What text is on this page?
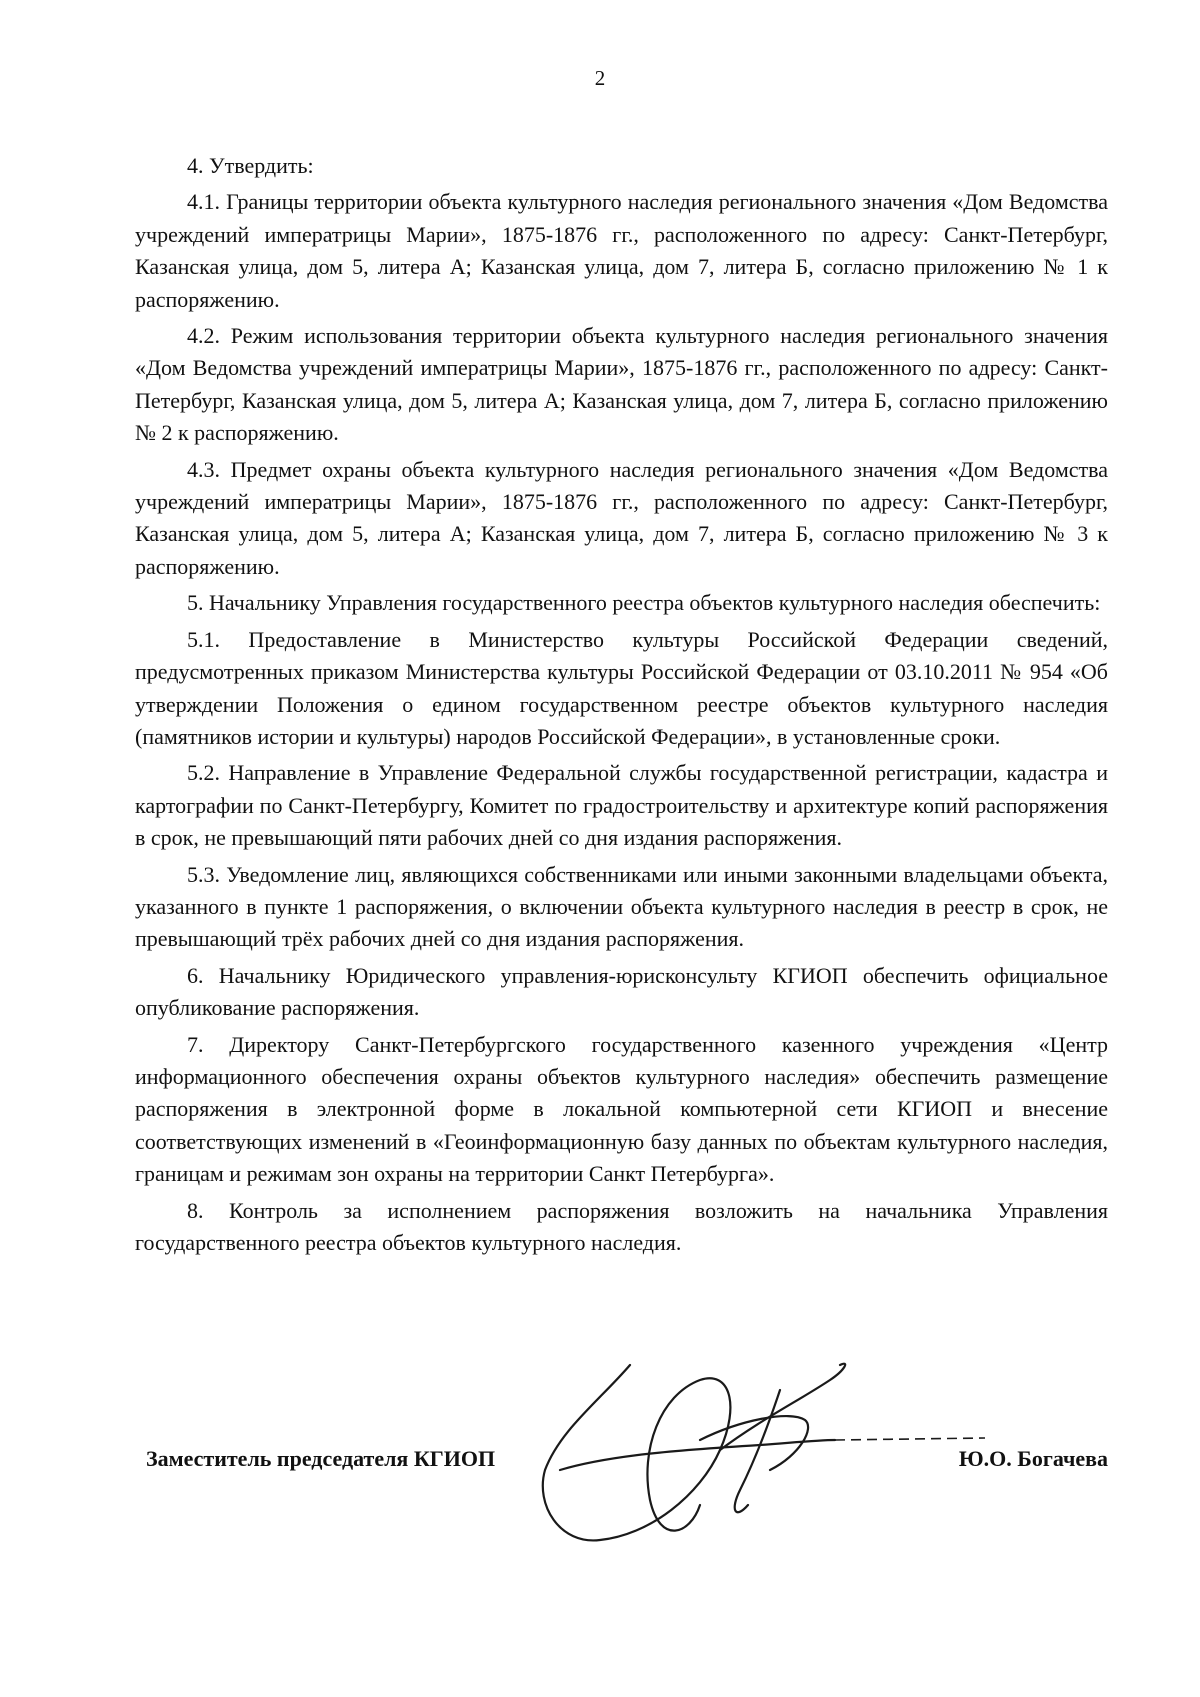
2

4. Утвердить:

4.1. Границы территории объекта культурного наследия регионального значения «Дом Ведомства учреждений императрицы Марии», 1875-1876 гг., расположенного по адресу: Санкт-Петербург, Казанская улица, дом 5, литера А; Казанская улица, дом 7, литера Б, согласно приложению № 1 к распоряжению.

4.2. Режим использования территории объекта культурного наследия регионального значения «Дом Ведомства учреждений императрицы Марии», 1875-1876 гг., расположенного по адресу: Санкт-Петербург, Казанская улица, дом 5, литера А; Казанская улица, дом 7, литера Б, согласно приложению № 2 к распоряжению.

4.3. Предмет охраны объекта культурного наследия регионального значения «Дом Ведомства учреждений императрицы Марии», 1875-1876 гг., расположенного по адресу: Санкт-Петербург, Казанская улица, дом 5, литера А; Казанская улица, дом 7, литера Б, согласно приложению № 3 к распоряжению.

5. Начальнику Управления государственного реестра объектов культурного наследия обеспечить:

5.1. Предоставление в Министерство культуры Российской Федерации сведений, предусмотренных приказом Министерства культуры Российской Федерации от 03.10.2011 № 954 «Об утверждении Положения о едином государственном реестре объектов культурного наследия (памятников истории и культуры) народов Российской Федерации», в установленные сроки.

5.2. Направление в Управление Федеральной службы государственной регистрации, кадастра и картографии по Санкт-Петербургу, Комитет по градостроительству и архитектуре копий распоряжения в срок, не превышающий пяти рабочих дней со дня издания распоряжения.

5.3. Уведомление лиц, являющихся собственниками или иными законными владельцами объекта, указанного в пункте 1 распоряжения, о включении объекта культурного наследия в реестр в срок, не превышающий трёх рабочих дней со дня издания распоряжения.

6. Начальнику Юридического управления-юрисконсульту КГИОП обеспечить официальное опубликование распоряжения.

7. Директору Санкт-Петербургского государственного казенного учреждения «Центр информационного обеспечения охраны объектов культурного наследия» обеспечить размещение распоряжения в электронной форме в локальной компьютерной сети КГИОП и внесение соответствующих изменений в «Геоинформационную базу данных по объектам культурного наследия, границам и режимам зон охраны на территории Санкт Петербурга».

8. Контроль за исполнением распоряжения возложить на начальника Управления государственного реестра объектов культурного наследия.

Заместитель председателя КГИОП	Ю.О. Богачева
